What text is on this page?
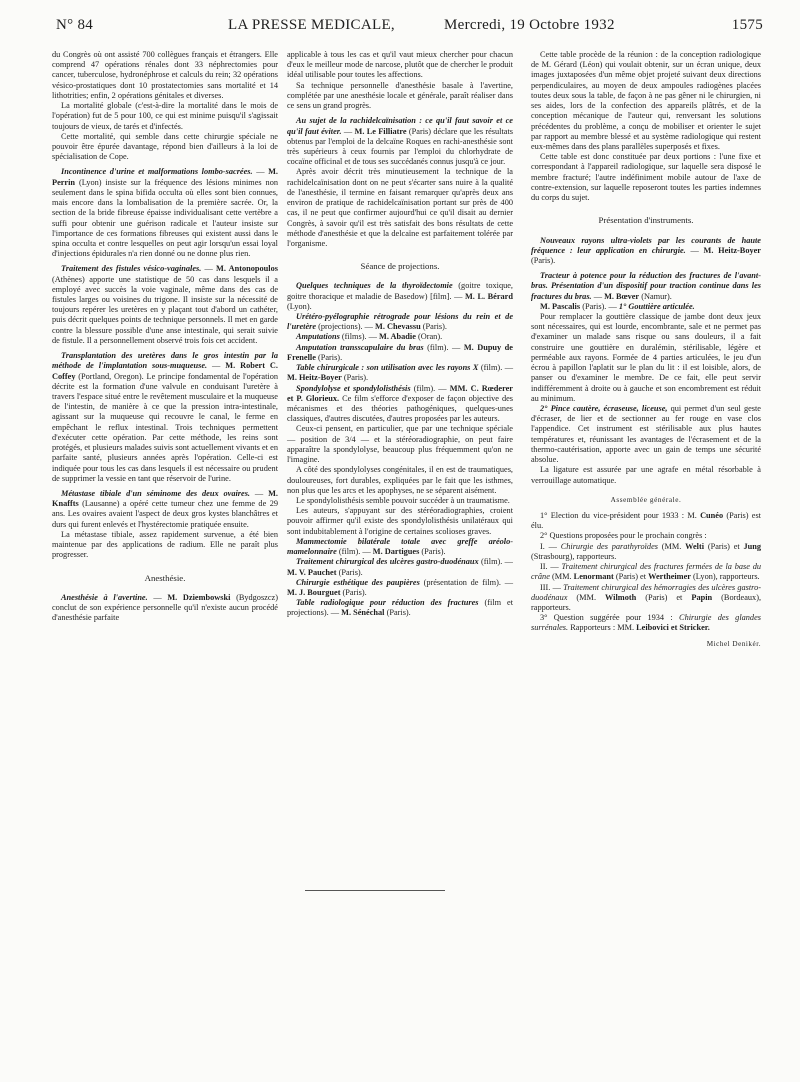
N° 84	LA PRESSE MEDICALE,	Mercredi, 19 Octobre 1932	1575

du Congrès où ont assisté 700 collègues français et étrangers. Elle comprend 47 opérations rénales dont 33 néphrectomies pour cancer, tuberculose, hydronéphrose et calculs du rein; 32 opérations vésico-prostatiques dont 10 prostatectomies sans mortalité et 14 lithotrities; enfin, 2 opérations génitales et diverses.

La mortalité globale (c'est-à-dire la mortalité dans le mois de l'opération) fut de 5 pour 100, ce qui est minime puisqu'il s'agissait toujours de vieux, de tarés et d'infectés.

Cette mortalité, qui semble dans cette chirurgie spéciale ne pouvoir être épurée davantage, répond bien d'ailleurs à la loi de spécialisation de Cope.

Incontinence d'urine et malformations lombo-sacrées. — M. Perrin (Lyon) insiste sur la fréquence des lésions minimes non seulement dans le spina bifida occulta où elles sont bien connues, mais encore dans la lombalisation de la première sacrée. Or, la section de la bride fibreuse épaisse individualisant cette vertèbre a suffi pour obtenir une guérison radicale et l'auteur insiste sur l'importance de ces formations fibreuses qui existent aussi dans le spina occulta et contre lesquelles on peut agir lorsqu'un essai loyal d'injections épidurales n'a rien donné ou ne donne plus rien.

Traitement des fistules vésico-vaginales. — M. Antonopoulos (Athènes) apporte une statistique de 50 cas dans lesquels il a employé avec succès la voie vaginale, même dans des cas de fistules larges ou voisines du trigone. Il insiste sur la nécessité de toujours repérer les uretères en y plaçant tout d'abord un cathéter, puis décrit quelques points de technique personnels. Il met en garde contre la blessure possible d'une anse intestinale, qui serait suivie de fistule. Il a personnellement observé trois fois cet accident.

Transplantation des uretères dans le gros intestin par la méthode de l'implantation sous-muqueuse. — M. Robert C. Coffey (Portland, Oregon). Le principe fondamental de l'opération décrite est la formation d'une valvule en conduisant l'uretère à travers l'espace situé entre le revêtement musculaire et la muqueuse de l'intestin, de manière à ce que la pression intra-intestinale, agissant sur la muqueuse qui recouvre le canal, le ferme en empêchant le reflux intestinal. Trois techniques permettent d'exécuter cette opération. Par cette méthode, les reins sont protégés, et plusieurs malades suivis sont actuellement vivants et en parfaite santé, plusieurs années après l'opération. Celle-ci est indiquée pour tous les cas dans lesquels il est nécessaire ou prudent de supprimer la vessie en tant que réservoir de l'urine.

Métastase tibiale d'un séminome des deux ovaires. — M. Knaffts (Lausanne) a opéré cette tumeur chez une femme de 29 ans. Les ovaires avaient l'aspect de deux gros kystes blanchâtres et durs qui furent enlevés et l'hystérectomie pratiquée ensuite.

La métastase tibiale, assez rapidement survenue, a été bien maintenue par des applications de radium. Elle ne paraît plus progresser.

Anesthésie.

Anesthésie à l'avertine. — M. Dziembowski (Bydgoszcz) conclut de son expérience personnelle qu'il n'existe aucun procédé d'anesthésie parfaite

applicable à tous les cas et qu'il vaut mieux chercher pour chacun d'eux le meilleur mode de narcose, plutôt que de chercher le produit idéal utilisable pour toutes les affections.

Sa technique personnelle d'anesthésie basale à l'avertine, complétée par une anesthésie locale et générale, paraît réaliser dans ce sens un grand progrès.

Au sujet de la rachidelcaïnisation : ce qu'il faut savoir et ce qu'il faut éviter. — M. Le Filliatre (Paris) déclare que les résultats obtenus par l'emploi de la delcaïne Roques en rachi-anesthésie sont très supérieurs à ceux fournis par l'emploi du chlorhydrate de cocaïne officinal et de tous ses succédanés connus jusqu'à ce jour.

Après avoir décrit très minutieusement la technique de la rachidelcaïnisation dont on ne peut s'écarter sans nuire à la qualité de l'anesthésie, il termine en faisant remarquer qu'après deux ans environ de pratique de rachidelcaïnisation portant sur près de 400 cas, il ne peut que confirmer aujourd'hui ce qu'il disait au dernier Congrès, à savoir qu'il est très satisfait des bons résultats de cette méthode d'anesthésie et que la delcaïne est parfaitement tolérée par l'organisme.

Séance de projections.

Quelques techniques de la thyroïdectomie (goitre toxique, goitre thoracique et maladie de Basedow) [film]. — M. L. Bérard (Lyon).

Urétéro-pyélographie rétrograde pour lésions du rein et de l'uretère (projections). — M. Chevassu (Paris).

Amputations (films). — M. Abadie (Oran).

Amputation transscapulaire du bras (film). — M. Dupuy de Frenelle (Paris).

Table chirurgicale : son utilisation avec les rayons X (film). — M. Heitz-Boyer (Paris).

Spondylolyse et spondylolisthésis (film). — MM. C. Rœderer et P. Glorieux. Ce film s'efforce d'exposer de façon objective des mécanismes et des théories pathogéniques, quelques-unes classiques, d'autres discutées, d'autres proposées par les auteurs.

Ceux-ci pensent, en particulier, que par une technique spéciale — position de 3/4 — et la stéréoradiographie, on peut faire apparaître la spondylolyse, beaucoup plus fréquemment qu'on ne l'imagine.

A côté des spondylolyses congénitales, il en est de traumatiques, douloureuses, fort durables, expliquées par le fait que les isthmes, non plus que les arcs et les apophyses, ne se séparent aisément.

Le spondylolisthésis semble pouvoir succéder à un traumatisme.

Les auteurs, s'appuyant sur des stéréoradiographies, croient pouvoir affirmer qu'il existe des spondylolisthésis unilatéraux qui sont indubitablement à l'origine de certaines scolioses graves.

Mammectomie bilatérale totale avec greffe aréolo-mamelonnaire (film). — M. Dartigues (Paris).

Traitement chirurgical des ulcères gastro-duodénaux (film). — M. V. Pauchet (Paris).

Chirurgie esthétique des paupières (présentation de film). — M. J. Bourguet (Paris).

Table radiologique pour réduction des fractures (film et projections). — M. Sénéchal (Paris).

Cette table procède de la réunion : de la conception radiologique de M. Gérard (Léon) qui voulait obtenir, sur un écran unique, deux images juxtaposées d'un même objet projeté suivant deux directions perpendiculaires, au moyen de deux ampoules radiogènes placées toutes deux sous la table, de façon à ne pas gêner ni le chirurgien, ni ses aides, lors de la confection des appareils plâtrés, et de la conception mécanique de l'auteur qui, renversant les solutions précédentes du problème, a conçu de mobiliser et orienter le sujet par rapport au membre blessé et au système radiologique qui restent eux-mêmes dans des plans parallèles superposés et fixes.

Cette table est donc constituée par deux portions : l'une fixe et correspondant à l'appareil radiologique, sur laquelle sera disposé le membre fracturé; l'autre indéfiniment mobile autour de l'axe de contre-extension, sur laquelle reposeront toutes les parties indemnes du corps du sujet.

Présentation d'instruments.

Nouveaux rayons ultra-violets par les courants de haute fréquence : leur application en chirurgie. — M. Heitz-Boyer (Paris).

Tracteur à potence pour la réduction des fractures de l'avant-bras. Présentation d'un dispositif pour traction continue dans les fractures du bras. — M. Bœver (Namur).

M. Pascalis (Paris). — 1° Gouttière articulée.

Pour remplacer la gouttière classique de jambe dont deux jeux sont nécessaires, qui est lourde, encombrante, sale et ne permet pas d'examiner un malade sans risque ou sans douleurs, il a fait construire une gouttière en duralémin, stérilisable, légère et perméable aux rayons. Formée de 4 parties articulées, le jeu d'un écrou à papillon l'aplatit sur le plan du lit : il est loisible, alors, de panser ou d'examiner le membre. De ce fait, elle peut servir indifféremment à droite ou à gauche et son encombrement est réduit au minimum.

2° Pince cautère, écraseuse, liceuse, qui permet d'un seul geste d'écraser, de lier et de sectionner au fer rouge en vase clos l'appendice. Cet instrument est stérilisable aux plus hautes températures et, réunissant les avantages de l'écrasement et de la thermo-cautérisation, apporte avec un gain de temps une sécurité absolue.

La ligature est assurée par une agrafe en métal résorbable à verrouillage automatique.

Assemblée générale.

1° Election du vice-président pour 1933 : M. Cunéo (Paris) est élu.

2° Questions proposées pour le prochain congrès :

I. — Chirurgie des parathyroïdes (MM. Welti (Paris) et Jung (Strasbourg), rapporteurs.

II. — Traitement chirurgical des fractures fermées de la base du crâne (MM. Lenormant (Paris) et Wertheimer (Lyon), rapporteurs.

III. — Traitement chirurgical des hémorragies des ulcères gastro-duodénaux (MM. Wilmoth (Paris) et Papin (Bordeaux), rapporteurs.

3° Question suggérée pour 1934 : Chirurgie des glandes surrénales. Rapporteurs : MM. Leibovici et Stricker.

Michel Denikér.
